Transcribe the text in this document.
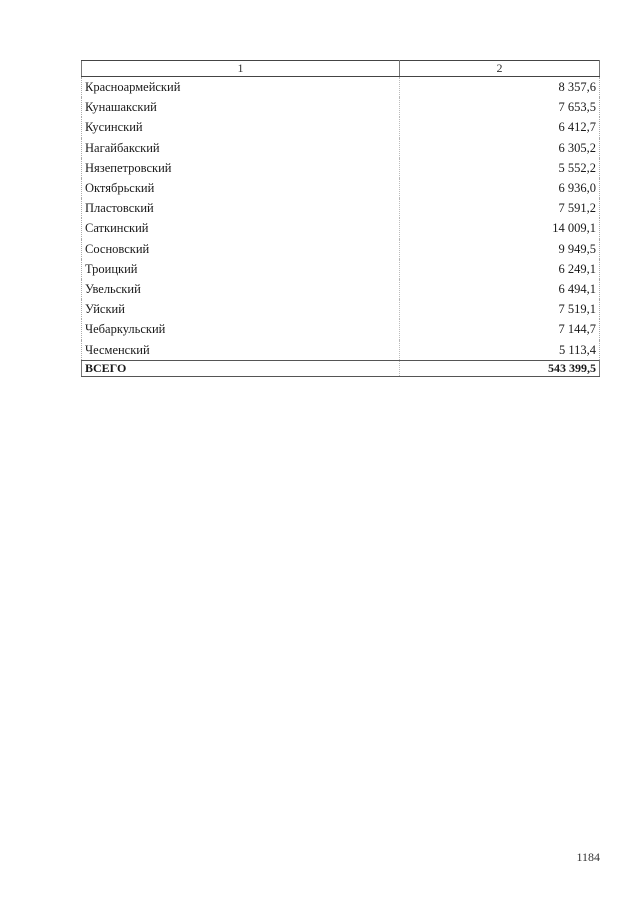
1	2
Красноармейский	8 357,6
Кунашакский	7 653,5
Кусинский	6 412,7
Нагайбакский	6 305,2
Нязепетровский	5 552,2
Октябрьский	6 936,0
Пластовский	7 591,2
Саткинский	14 009,1
Сосновский	9 949,5
Троицкий	6 249,1
Увельский	6 494,1
Уйский	7 519,1
Чебаркульский	7 144,7
Чесменский	5 113,4
ВСЕГО	543 399,5
1184
